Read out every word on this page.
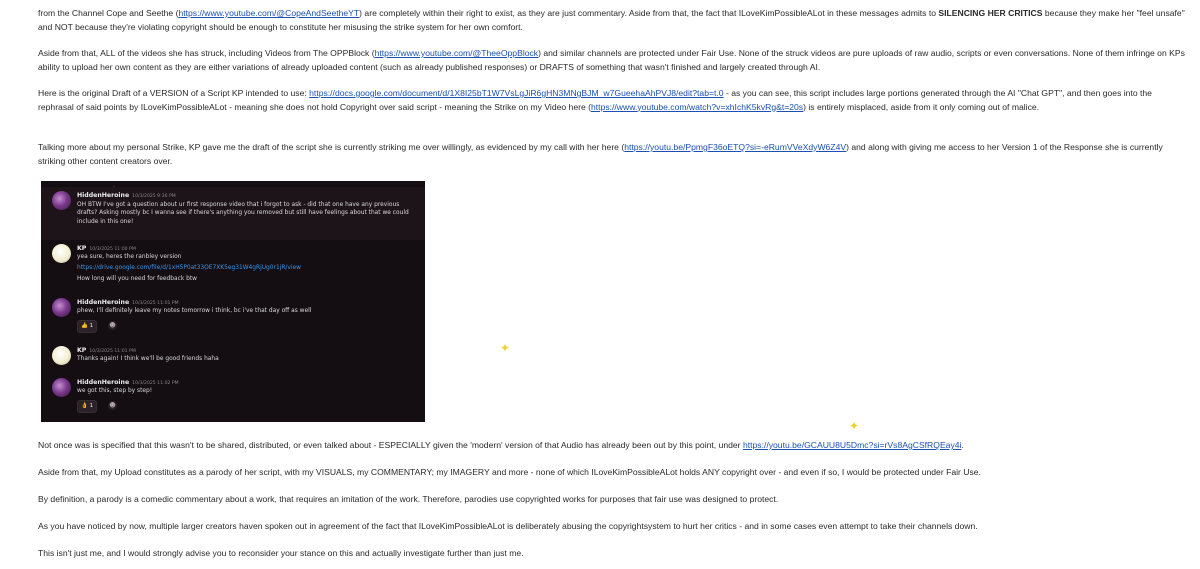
from the Channel Cope and Seethe (https://www.youtube.com/@CopeAndSeetheYT) are completely within their right to exist, as they are just commentary. Aside from that, the fact that ILoveKimPossibleALot in these messages admits to SILENCING HER CRITICS because they make her "feel unsafe" and NOT because they're violating copyright should be enough to constitute her misusing the strike system for her own comfort.

Aside from that, ALL of the videos she has struck, including Videos from The OPPBlock (https://www.youtube.com/@TheeOppBlock) and similar channels are protected under Fair Use. None of the struck videos are pure uploads of raw audio, scripts or even conversations. None of them infringe on KPs ability to upload her own content as they are either variations of already uploaded content (such as already published responses) or DRAFTS of something that wasn't finished and largely created through AI.

Here is the original Draft of a VERSION of a Script KP intended to use: https://docs.google.com/document/d/1X8I25bT1W7VsLgJiR6gHN3MNgBJM_w7GueehaAhPVJ8/edit?tab=t.0 - as you can see, this script includes large portions generated through the AI "Chat GPT", and then goes into the rephrasal of said points by ILoveKimPossibleALot - meaning she does not hold Copyright over said script - meaning the Strike on my Video here (https://www.youtube.com/watch?v=xhIchK5kvRg&t=20s) is entirely misplaced, aside from it only coming out of malice.

Talking more about my personal Strike, KP gave me the draft of the script she is currently striking me over willingly, as evidenced by my call with her here (https://youtu.be/PpmgF36oETQ?si=-eRumVVeXdyW6Z4V) and along with giving me access to her Version 1 of the Response she is currently striking other content creators over.

HiddenHeroine 10/3/2025 9:36 PM
OH BTW I've got a question about ur first response video that i forgot to ask - did that one have any previous drafts? Asking mostly bc I wanna see if there's anything you removed but still have feelings about that we could include in this one!
KP 10/3/2025 11:00 PM
yea sure, heres the ranbley version
https://drive.google.com/file/d/1xH5P0at33OE7XK5eg31W4gRjUg0r1jR/view
How long will you need for feedback btw
HiddenHeroine 10/3/2025 11:01 PM
phew, I'll definitely leave my notes tomorrow i think, bc i've that day off as well
👍 1	☻
KP 10/3/2025 11:01 PM
Thanks again! I think we'll be good friends haha
HiddenHeroine 10/3/2025 11:02 PM
we got this, step by step!
👌 1	☻
✦
✦

Not once was is specified that this wasn't to be shared, distributed, or even talked about - ESPECIALLY given the 'modern' version of that Audio has already been out by this point, under https://youtu.be/GCAUU8U5Dmc?si=rVs8AgCSfRQEay4i.

Aside from that, my Upload constitutes as a parody of her script, with my VISUALS, my COMMENTARY; my IMAGERY and more - none of which ILoveKimPossibleALot holds ANY copyright over - and even if so, I would be protected under Fair Use.

By definition, a parody is a comedic commentary about a work, that requires an imitation of the work. Therefore, parodies use copyrighted works for purposes that fair use was designed to protect.

As you have noticed by now, multiple larger creators haven spoken out in agreement of the fact that ILoveKimPossibleALot is deliberately abusing the copyrightsystem to hurt her critics - and in some cases even attempt to take their channels down.

This isn't just me, and I would strongly advise you to reconsider your stance on this and actually investigate further than just me.
